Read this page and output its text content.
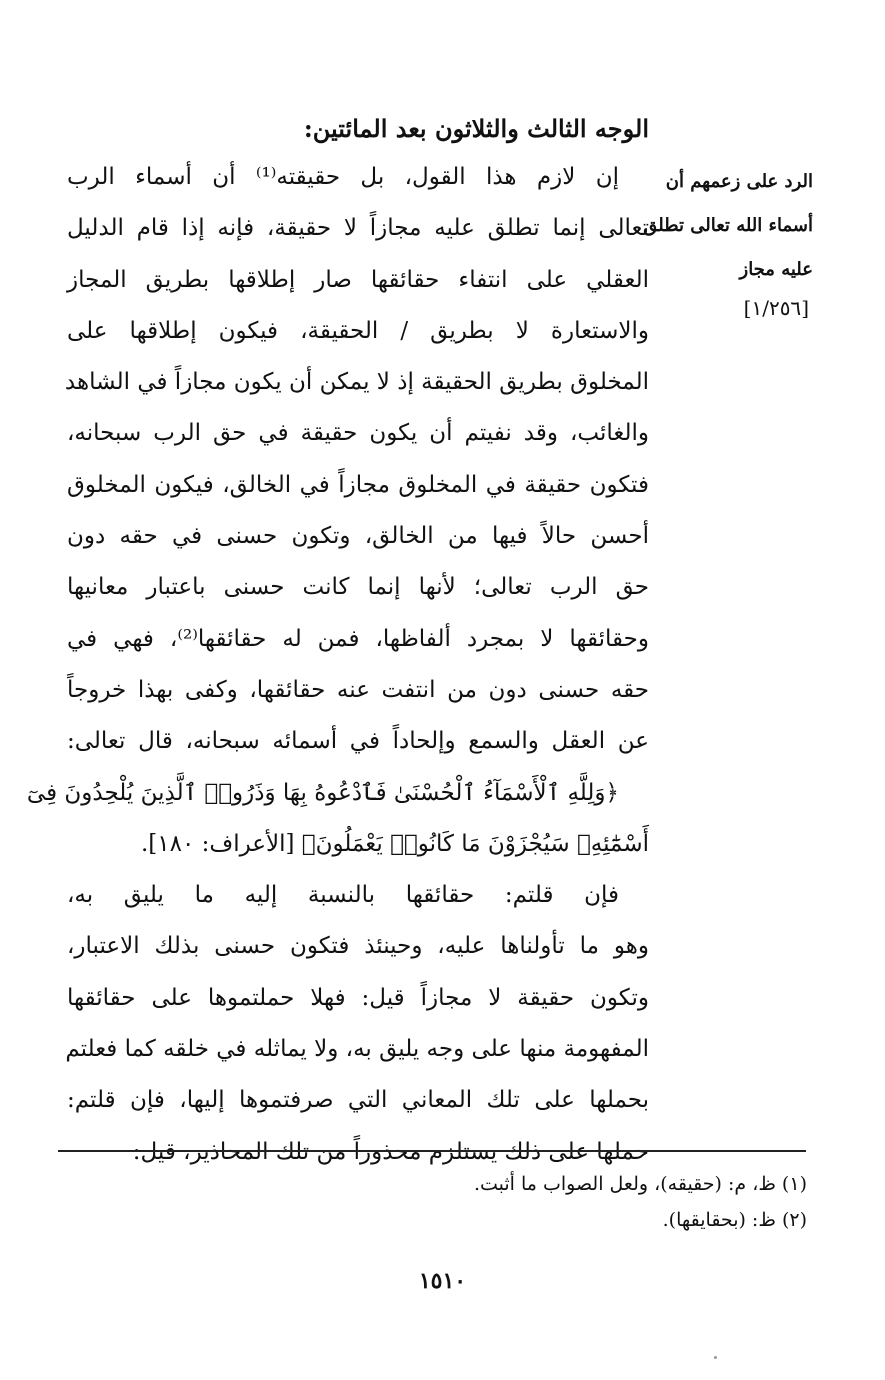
الوجه الثالث والثلاثون بعد المائتين:
الرد على زعمهم أن
أسماء الله تعالى تطلق
عليه مجاز
[١/٢٥٦]
إن لازم هذا القول، بل حقيقته⁽¹⁾ أن أسماء الرب
تعالى إنما تطلق عليه مجازاً لا حقيقة، فإنه إذا قام الدليل
العقلي على انتفاء حقائقها صار إطلاقها بطريق المجاز
والاستعارة لا بطريق / الحقيقة، فيكون إطلاقها على
المخلوق بطريق الحقيقة إذ لا يمكن أن يكون مجازاً في الشاهد
والغائب، وقد نفيتم أن يكون حقيقة في حق الرب سبحانه،
فتكون حقيقة في المخلوق مجازاً في الخالق، فيكون المخلوق
أحسن حالاً فيها من الخالق، وتكون حسنى في حقه دون
حق الرب تعالى؛ لأنها إنما كانت حسنى باعتبار معانيها
وحقائقها لا بمجرد ألفاظها، فمن له حقائقها⁽²⁾، فهي في
حقه حسنى دون من انتفت عنه حقائقها، وكفى بهذا خروجاً
عن العقل والسمع وإلحاداً في أسمائه سبحانه، قال تعالى:
﴿وَلِلَّهِ ٱلْأَسْمَآءُ ٱلْحُسْنَىٰ فَٱدْعُوهُ بِهَا وَذَرُوا۟ ٱلَّذِينَ يُلْحِدُونَ فِىٓ
أَسْمَٰٓئِهِۦ سَيُجْزَوْنَ مَا كَانُوا۟ يَعْمَلُونَ﴾ [الأعراف: ١٨٠].
فإن قلتم: حقائقها بالنسبة إليه ما يليق به،
وهو ما تأولناها عليه، وحينئذ فتكون حسنى بذلك الاعتبار،
وتكون حقيقة لا مجازاً قيل: فهلا حملتموها على حقائقها
المفهومة منها على وجه يليق به، ولا يماثله في خلقه كما فعلتم
بحملها على تلك المعاني التي صرفتموها إليها، فإن قلتم:
حملها على ذلك يستلزم محذوراً من تلك المحاذير، قيل:
(١) ظ، م: (حقيقه)، ولعل الصواب ما أثبت.
(٢) ظ: (بحقايقها).
١٥١٠
